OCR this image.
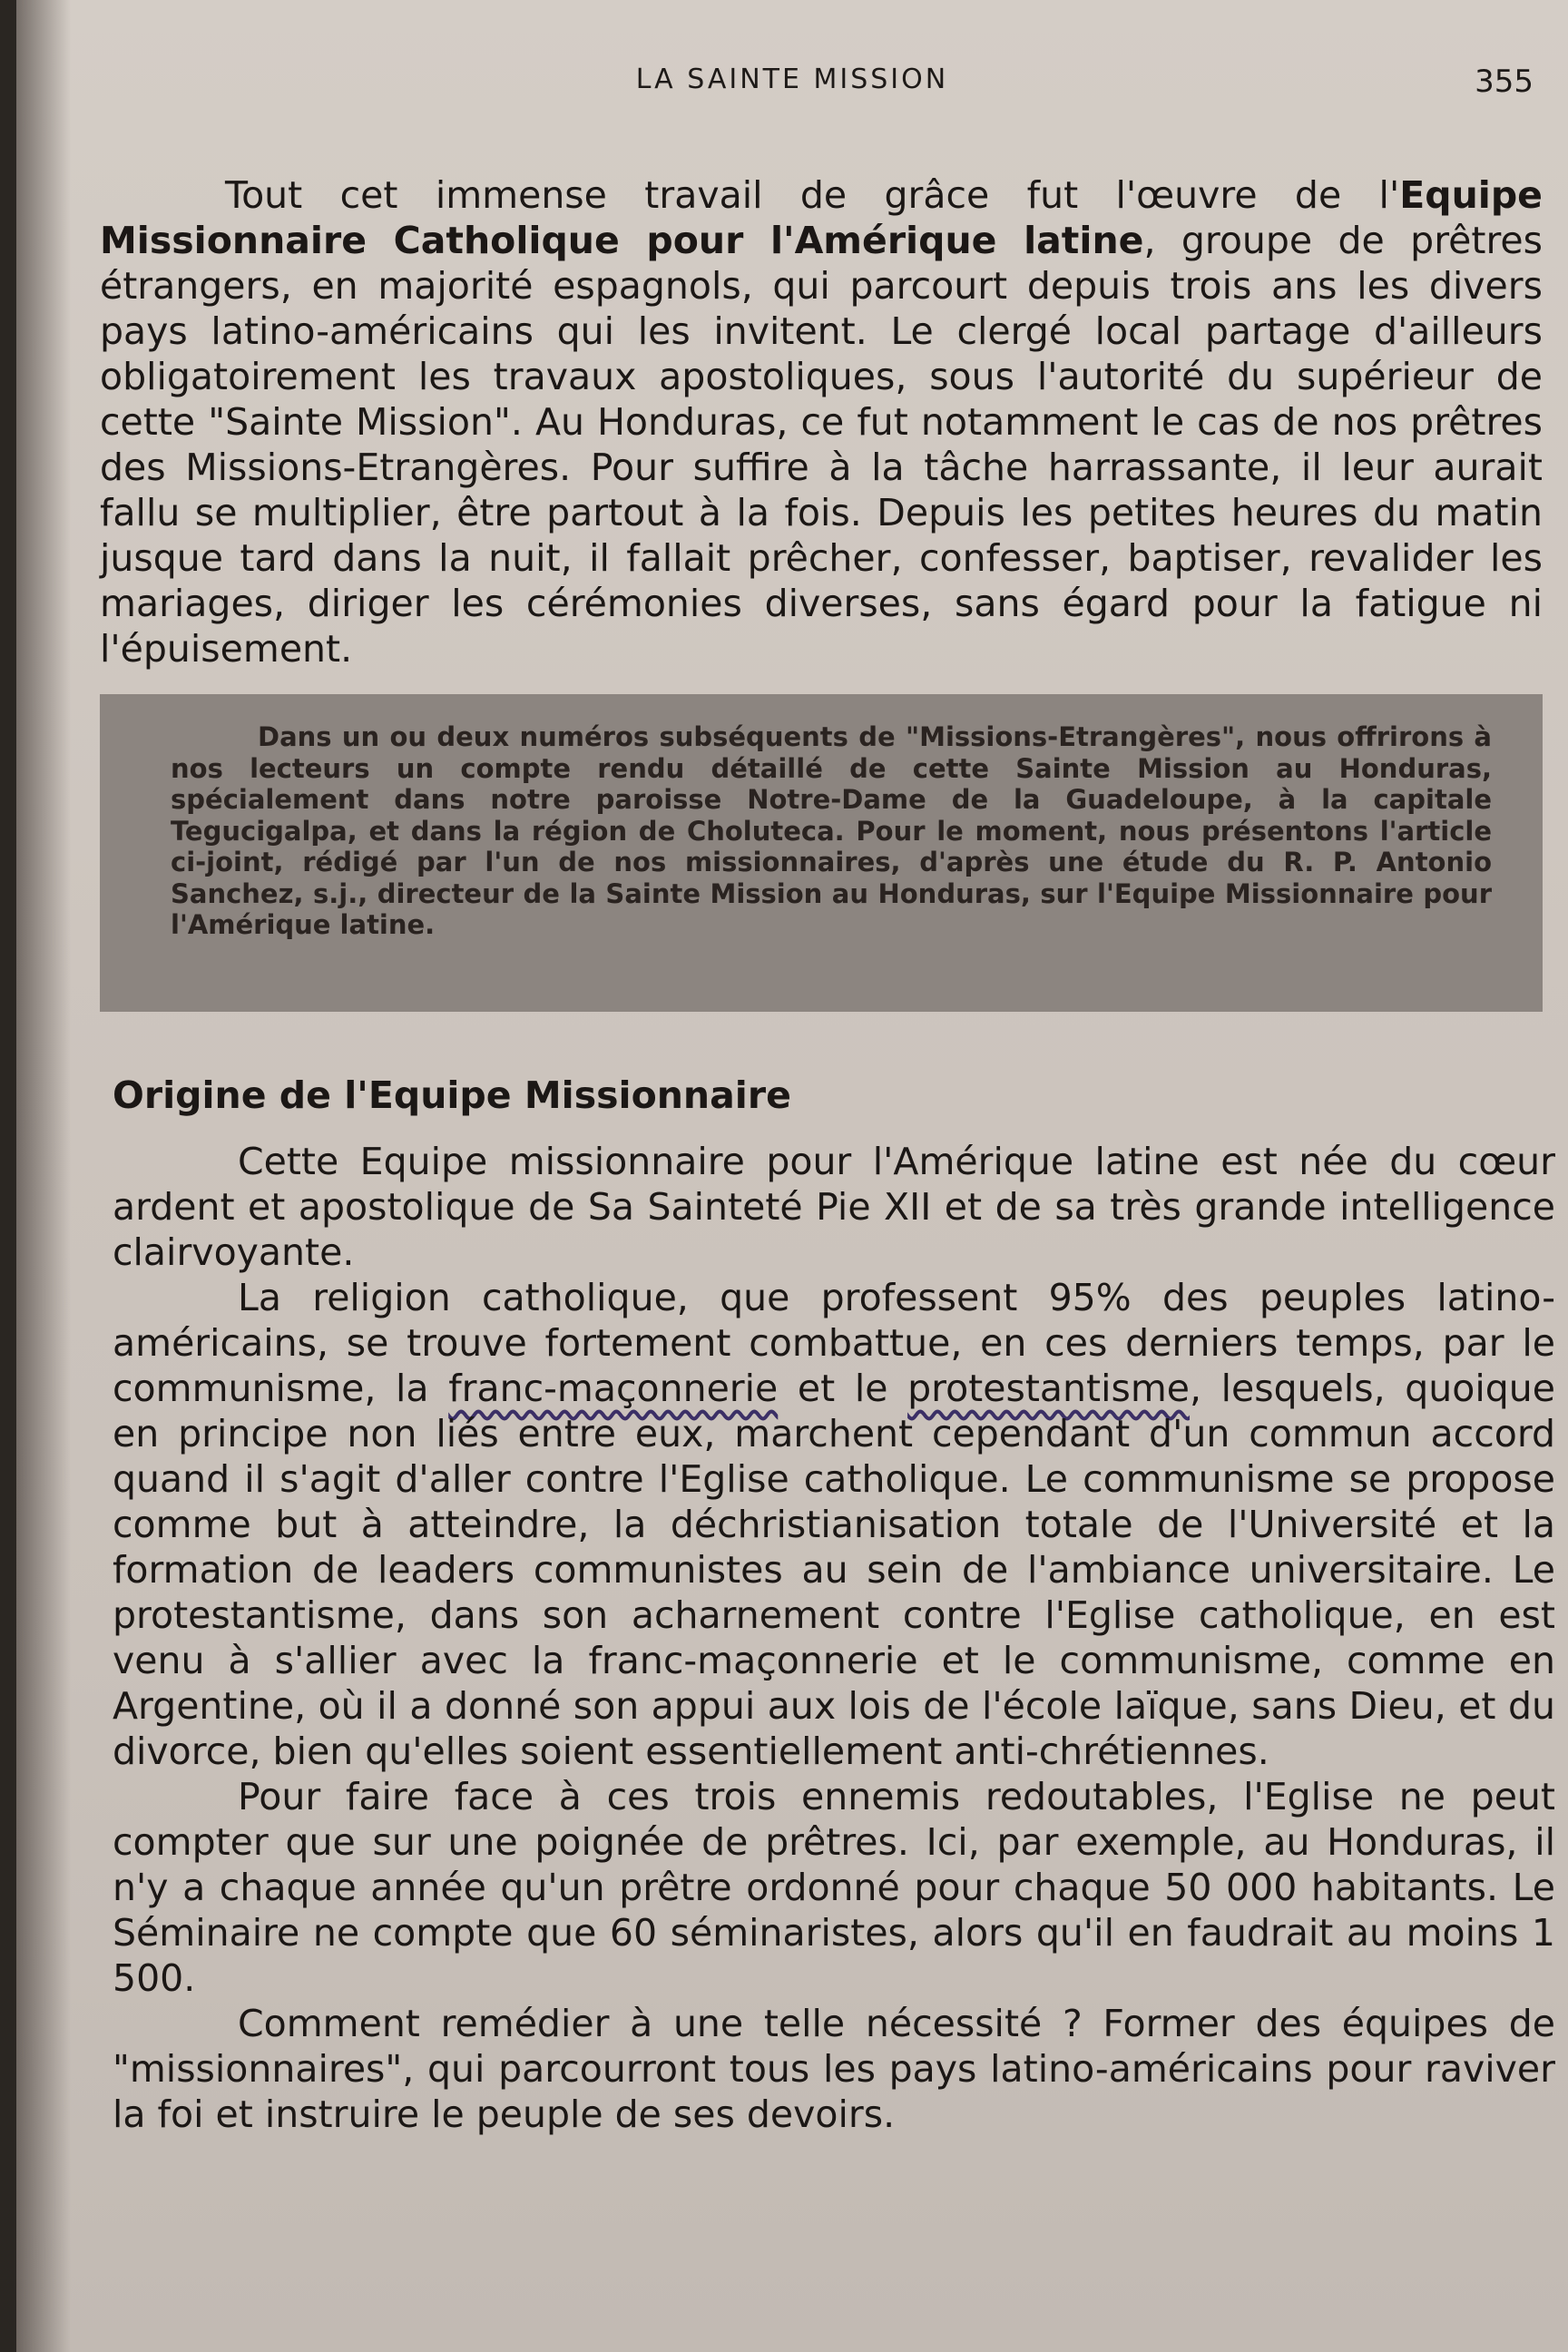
LA SAINTE MISSION	355

Tout cet immense travail de grâce fut l'œuvre de l'Equipe Missionnaire Catholique pour l'Amérique latine, groupe de prêtres étrangers, en majorité espagnols, qui parcourt depuis trois ans les divers pays latino-américains qui les invitent. Le clergé local partage d'ailleurs obligatoirement les travaux apostoliques, sous l'autorité du supérieur de cette "Sainte Mission". Au Honduras, ce fut notamment le cas de nos prêtres des Missions-Etrangères. Pour suffire à la tâche harrassante, il leur aurait fallu se multiplier, être partout à la fois. Depuis les petites heures du matin jusque tard dans la nuit, il fallait prêcher, confesser, baptiser, revalider les mariages, diriger les cérémonies diverses, sans égard pour la fatigue ni l'épuisement.

Dans un ou deux numéros subséquents de "Missions-Etrangères", nous offrirons à nos lecteurs un compte rendu détaillé de cette Sainte Mission au Honduras, spécialement dans notre paroisse Notre-Dame de la Guadeloupe, à la capitale Tegucigalpa, et dans la région de Choluteca. Pour le moment, nous présentons l'article ci-joint, rédigé par l'un de nos missionnaires, d'après une étude du R. P. Antonio Sanchez, s.j., directeur de la Sainte Mission au Honduras, sur l'Equipe Missionnaire pour l'Amérique latine.

Origine de l'Equipe Missionnaire

Cette Equipe missionnaire pour l'Amérique latine est née du cœur ardent et apostolique de Sa Sainteté Pie XII et de sa très grande intelligence clairvoyante.

La religion catholique, que professent 95% des peuples latino-américains, se trouve fortement combattue, en ces derniers temps, par le communisme, la franc-maçonnerie et le protestantisme, lesquels, quoique en principe non liés entre eux, marchent cependant d'un commun accord quand il s'agit d'aller contre l'Eglise catholique. Le communisme se propose comme but à atteindre, la déchristianisation totale de l'Université et la formation de leaders communistes au sein de l'ambiance universitaire. Le protestantisme, dans son acharnement contre l'Eglise catholique, en est venu à s'allier avec la franc-maçonnerie et le communisme, comme en Argentine, où il a donné son appui aux lois de l'école laïque, sans Dieu, et du divorce, bien qu'elles soient essentiellement anti-chrétiennes.

Pour faire face à ces trois ennemis redoutables, l'Eglise ne peut compter que sur une poignée de prêtres. Ici, par exemple, au Honduras, il n'y a chaque année qu'un prêtre ordonné pour chaque 50 000 habitants. Le Séminaire ne compte que 60 séminaristes, alors qu'il en faudrait au moins 1 500.

Comment remédier à une telle nécessité ? Former des équipes de "missionnaires", qui parcourront tous les pays latino-américains pour raviver la foi et instruire le peuple de ses devoirs.
